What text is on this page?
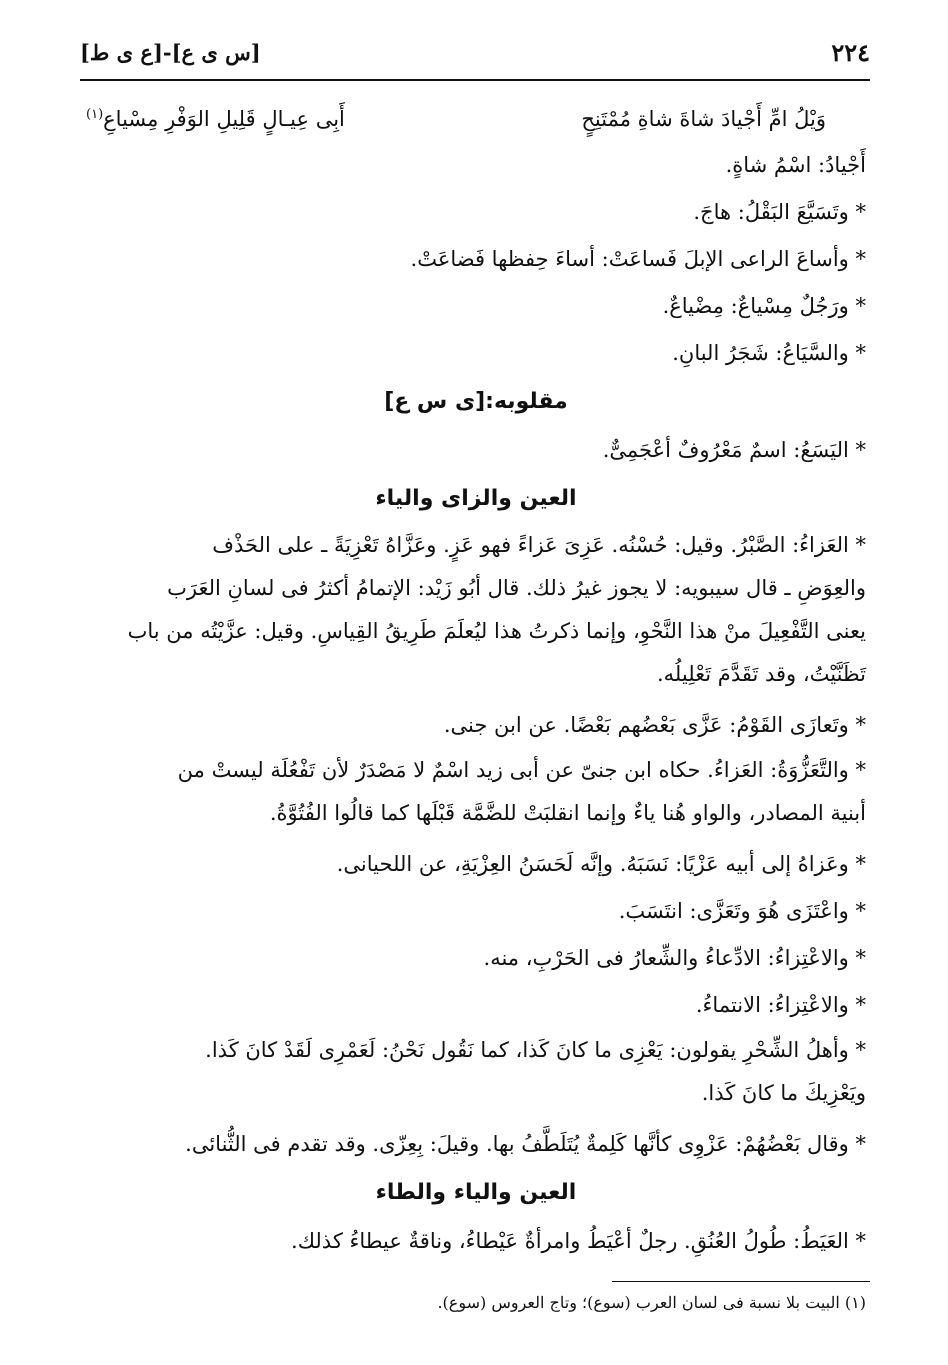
٢٢٤
[س ى ع]-[ع ى ط]
وَيْلُ امِّ أَجْيادَ شاةَ شاةِ مُمْتَنِحٍ
أَبِى عِيـالٍ قَلِيلِ الوَفْرِ مِسْياعِ$^{(١)}$
أَجْيادُ: اسْمُ شاةٍ.
* وتَسَيَّعَ البَقْلُ: هاجَ.
* وأساعَ الراعى الإبلَ فَساعَتْ: أساءَ حِفظها فَضاعَتْ.
* ورَجُلٌ مِسْياعٌ: مِضْياعٌ.
* والسَّيَاعُ: شَجَرُ البانِ.
مقلوبه:[ى س ع]
* اليَسَعُ: اسمٌ مَعْرُوفٌ أعْجَمِىٌّ.
العين والزاى والياء

* العَزاءُ: الصَّبْرُ. وقيل: حُسْنُه. عَزِىَ عَزاءً فهو عَزٍ. وعَزَّاهُ تَعْزِيَةً ـ على الحَذْف

والعِوَضِ ـ قال سيبويه: لا يجوز غيرُ ذلك. قال أبُو زَيْد: الإتمامُ أكثرُ فى لسانِ العَرَب

يعنى التَّفْعِيلَ منْ هذا النَّحْوِ، وإنما ذكرتُ هذا ليُعلَمَ طَرِيقُ القِياسِ. وقيل: عزَّيْتُه من باب

تَظَنَّيْتُ، وقد تَقَدَّمَ تَعْلِيلُه.

* وتَعازَى القَوْمُ: عَزَّى بَعْضُهم بَعْضًا. عن ابن جنى.

* والتَّعَزُّوَةُ: العَزاءُ. حكاه ابن جنىّ عن أبى زيد اسْمٌ لا مَصْدَرٌ لأن تَفْعُلَة ليستْ من

أبنية المصادر، والواو هُنا ياءٌ وإنما انقلبَتْ للضَّمَّة قَبْلَها كما قالُوا الفُتُوَّةُ.

* وعَزاهُ إلى أبيه عَزْيًا: نَسَبَهُ. وإنَّه لَحَسَنُ العِزْيَةِ، عن اللحيانى.
* واعْتَزَى هُوَ وتَعَزَّى: انتَسَبَ.
* والاعْتِزاءُ: الادِّعاءُ والشِّعارُ فى الحَرْبِ، منه.
* والاعْتِزاءُ: الانتماءُ.

* وأهلُ الشِّحْرِ يقولون: يَعْزِى ما كانَ كَذا، كما نَقُول نَحْنُ: لَعَمْرِى لَقَدْ كانَ كَذا.

ويَعْزِيكَ ما كانَ كَذا.

* وقال بَعْضُهُمْ: عَزْوِى كأنَّها كَلِمةٌ يُتَلَطَّفُ بها. وقيلَ: بِعِزّى. وقد تقدم فى الثُّنائى.
العين والياء والطاء
* العَيَطُ: طُولُ العُنُقِ. رجلٌ أعْيَطُ وامرأةٌ عَيْطاءُ، وناقةٌ عيطاءُ كذلك.
(١) البيت بلا نسبة فى لسان العرب (سوع)؛ وتاج العروس (سوع).
